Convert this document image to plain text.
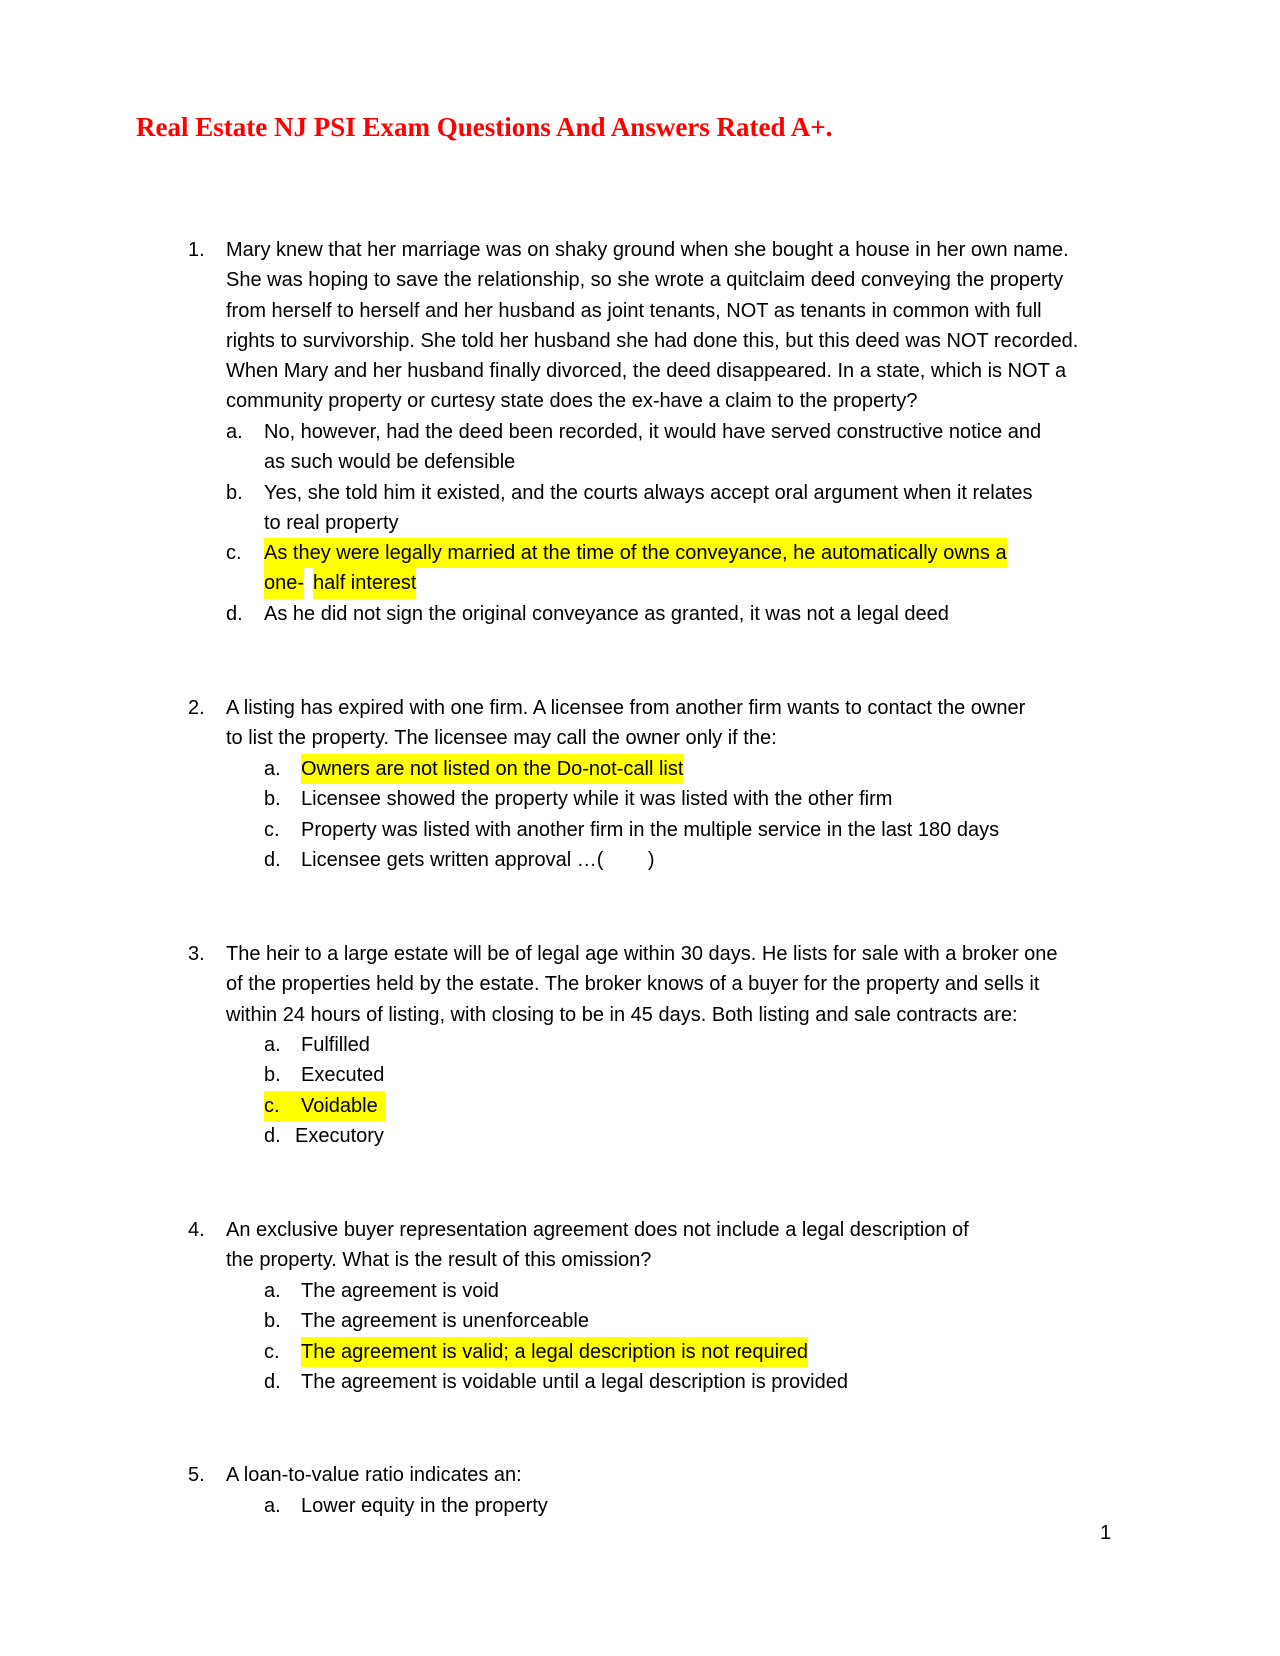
Real Estate NJ PSI Exam Questions And Answers Rated A+.
1. Mary knew that her marriage was on shaky ground when she bought a house in her own name.
She was hoping to save the relationship, so she wrote a quitclaim deed conveying the property
from herself to herself and her husband as joint tenants, NOT as tenants in common with full
rights to survivorship. She told her husband she had done this, but this deed was NOT recorded.
When Mary and her husband finally divorced, the deed disappeared. In a state, which is NOT a
community property or curtesy state does the ex-have a claim to the property?
a. No, however, had the deed been recorded, it would have served constructive notice and
as such would be defensible
b. Yes, she told him it existed, and the courts always accept oral argument when it relates
to real property
c. As they were legally married at the time of the conveyance, he automatically owns a
one- half interest
d. As he did not sign the original conveyance as granted, it was not a legal deed
2. A listing has expired with one firm. A licensee from another firm wants to contact the owner
to list the property. The licensee may call the owner only if the:
a. Owners are not listed on the Do-not-call list
b. Licensee showed the property while it was listed with the other firm
c. Property was listed with another firm in the multiple service in the last 180 days
d. Licensee gets written approval …(        )
3. The heir to a large estate will be of legal age within 30 days. He lists for sale with a broker one
of the properties held by the estate. The broker knows of a buyer for the property and sells it
within 24 hours of listing, with closing to be in 45 days. Both listing and sale contracts are:
a. Fulfilled
b. Executed
c. Voidable
d. Executory
4. An exclusive buyer representation agreement does not include a legal description of
the property. What is the result of this omission?
a. The agreement is void
b. The agreement is unenforceable
c. The agreement is valid; a legal description is not required
d. The agreement is voidable until a legal description is provided
5. A loan-to-value ratio indicates an:
a. Lower equity in the property
1
